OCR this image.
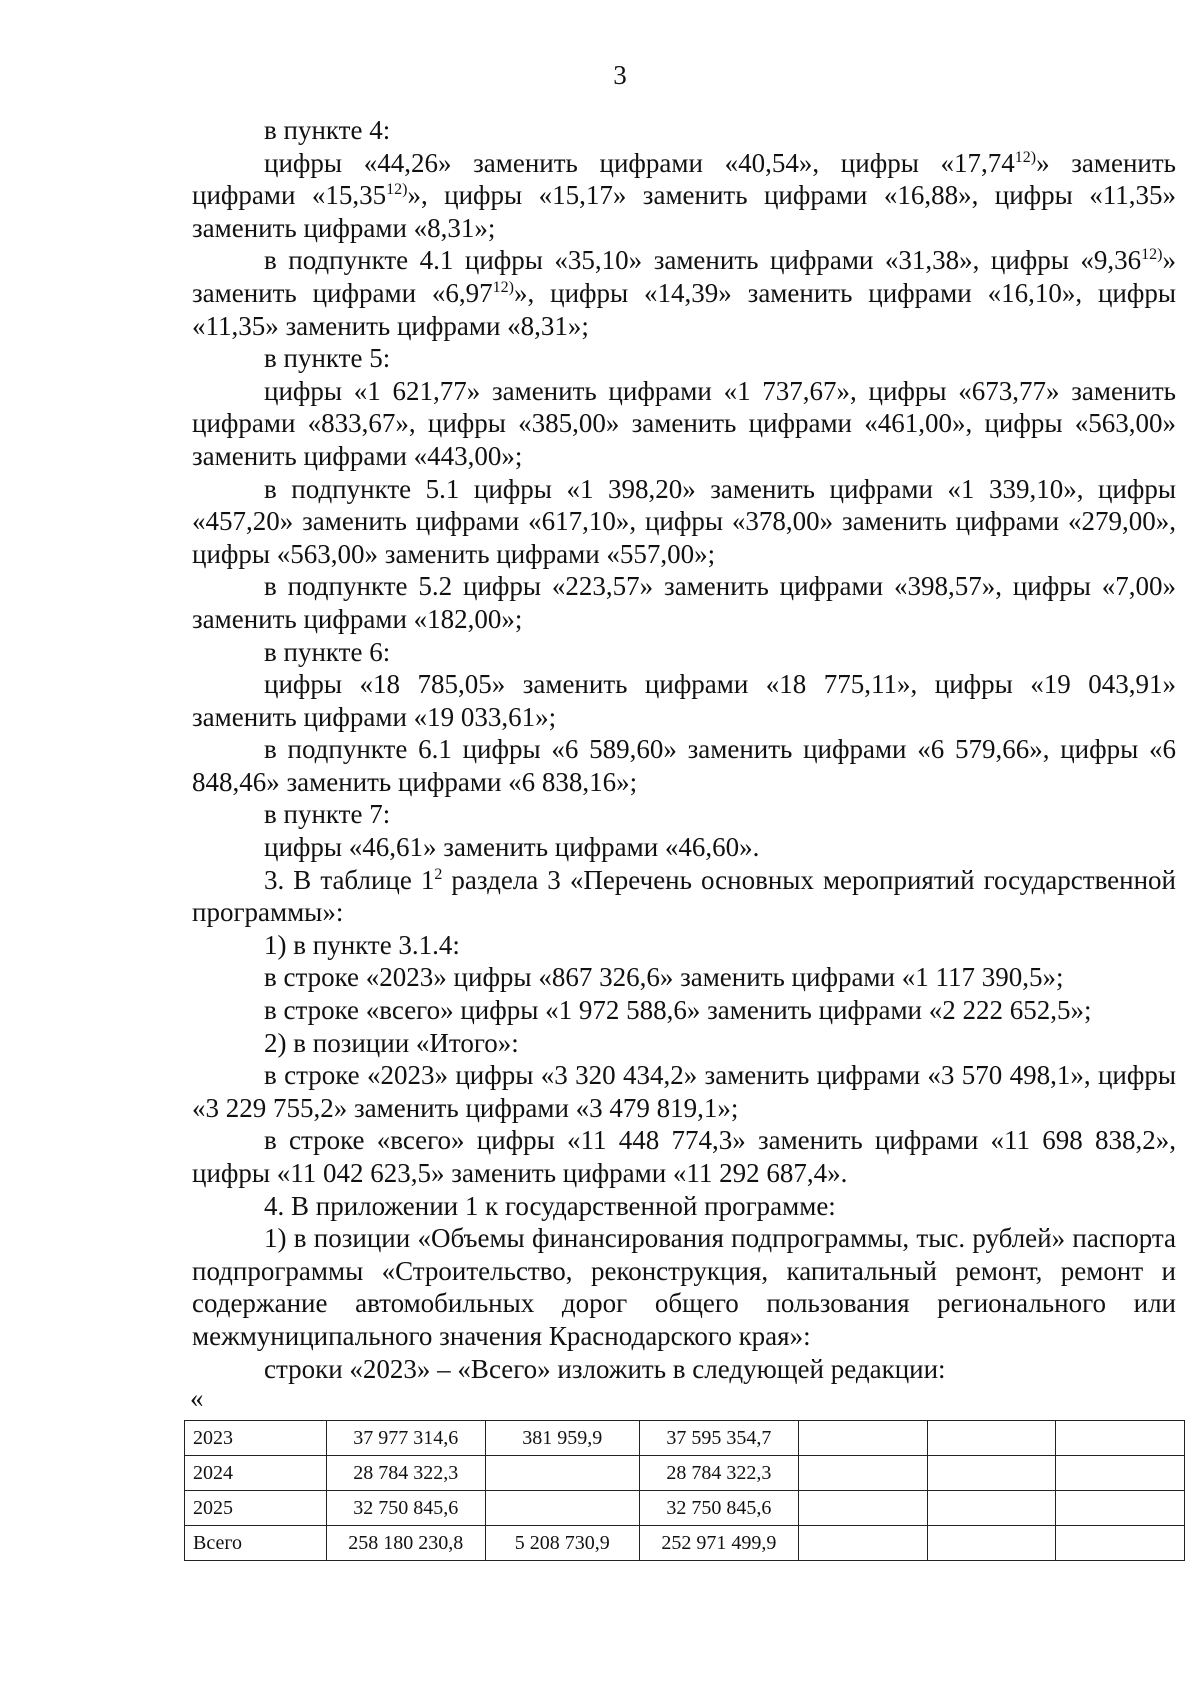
3

в пункте 4:

цифры «44,26» заменить цифрами «40,54», цифры «17,74$^{12)}$» заменить цифрами «15,35$^{12)}$», цифры «15,17» заменить цифрами «16,88», цифры «11,35» заменить цифрами «8,31»;

в подпункте 4.1 цифры «35,10» заменить цифрами «31,38», цифры «9,36$^{12)}$» заменить цифрами «6,97$^{12)}$», цифры «14,39» заменить цифрами «16,10», цифры «11,35» заменить цифрами «8,31»;

в пункте 5:

цифры «1 621,77» заменить цифрами «1 737,67», цифры «673,77» заменить цифрами «833,67», цифры «385,00» заменить цифрами «461,00», цифры «563,00» заменить цифрами «443,00»;

в подпункте 5.1 цифры «1 398,20» заменить цифрами «1 339,10», цифры «457,20» заменить цифрами «617,10», цифры «378,00» заменить цифрами «279,00», цифры «563,00» заменить цифрами «557,00»;

в подпункте 5.2 цифры «223,57» заменить цифрами «398,57», цифры «7,00» заменить цифрами «182,00»;

в пункте 6:

цифры «18 785,05» заменить цифрами «18 775,11», цифры «19 043,91» заменить цифрами «19 033,61»;

в подпункте 6.1 цифры «6 589,60» заменить цифрами «6 579,66», цифры «6 848,46» заменить цифрами «6 838,16»;

в пункте 7:

цифры «46,61» заменить цифрами «46,60».

3. В таблице $1^2$ раздела 3 «Перечень основных мероприятий государственной программы»:

1) в пункте 3.1.4:

в строке «2023» цифры «867 326,6» заменить цифрами «1 117 390,5»;

в строке «всего» цифры «1 972 588,6» заменить цифрами «2 222 652,5»;

2) в позиции «Итого»:

в строке «2023» цифры «3 320 434,2» заменить цифрами «3 570 498,1», цифры «3 229 755,2» заменить цифрами «3 479 819,1»;

в строке «всего» цифры «11 448 774,3» заменить цифрами «11 698 838,2», цифры «11 042 623,5» заменить цифрами «11 292 687,4».

4. В приложении 1 к государственной программе:

1) в позиции «Объемы финансирования подпрограммы, тыс. рублей» паспорта подпрограммы «Строительство, реконструкция, капитальный ремонт, ремонт и содержание автомобильных дорог общего пользования регионального или межмуниципального значения Краснодарского края»:

строки «2023» – «Всего» изложить в следующей редакции:

«
2023	37 977 314,6	381 959,9	37 595 354,7			
2024	28 784 322,3		28 784 322,3			
2025	32 750 845,6		32 750 845,6			
Всего	258 180 230,8	5 208 730,9	252 971 499,9			
